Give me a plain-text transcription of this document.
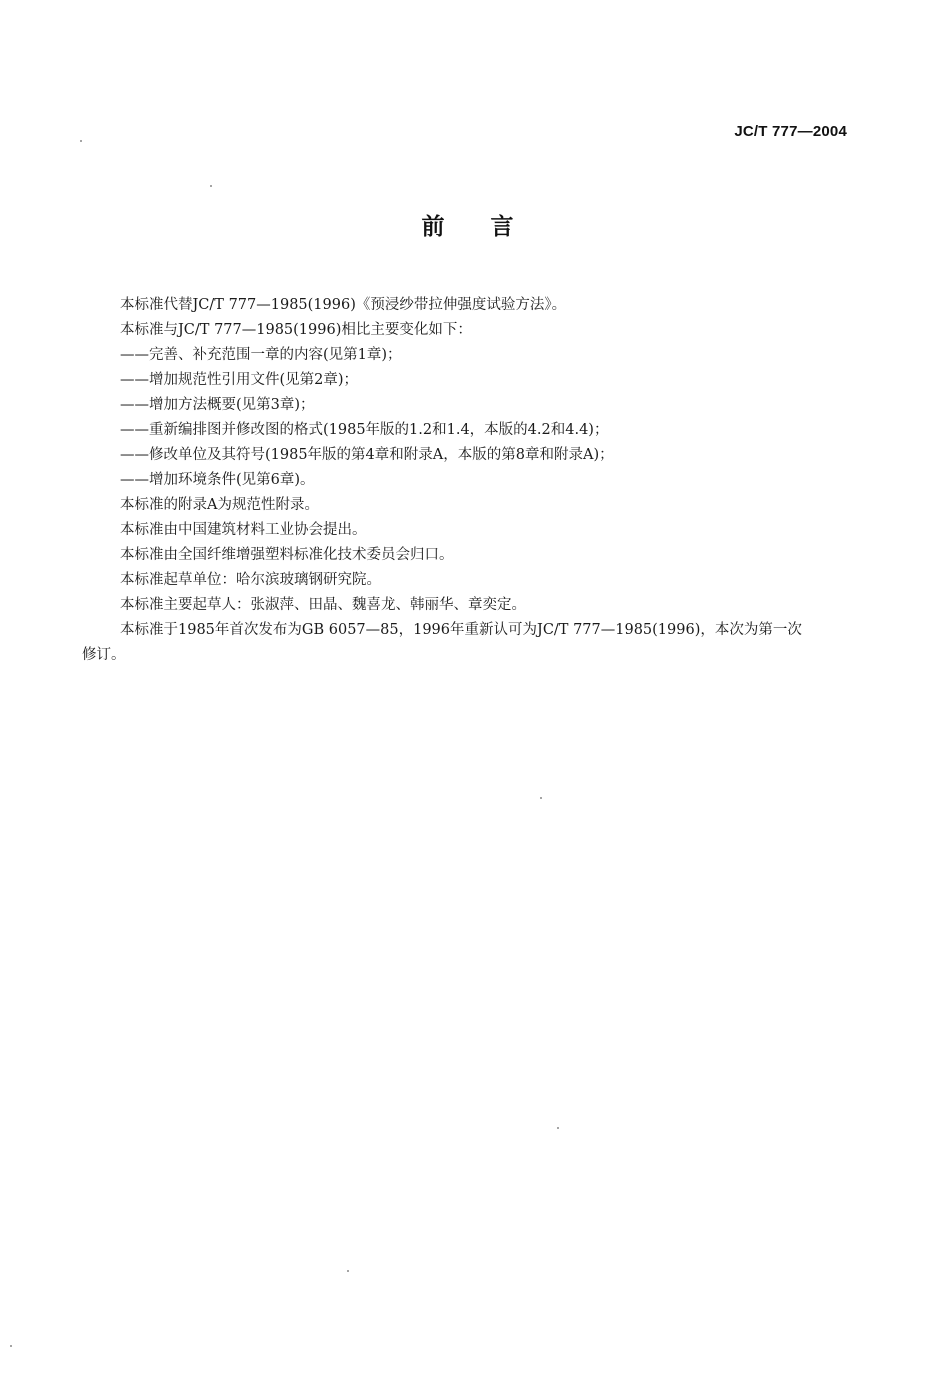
JC/T 777—2004
前言
本标准代替JC/T 777—1985(1996)《预浸纱带拉伸强度试验方法》。
本标准与JC/T 777—1985(1996)相比主要变化如下：
——完善、补充范围一章的内容(见第1章)；
——增加规范性引用文件(见第2章)；
——增加方法概要(见第3章)；
——重新编排图并修改图的格式(1985年版的1.2和1.4，本版的4.2和4.4)；
——修改单位及其符号(1985年版的第4章和附录A，本版的第8章和附录A)；
——增加环境条件(见第6章)。
本标准的附录A为规范性附录。
本标准由中国建筑材料工业协会提出。
本标准由全国纤维增强塑料标准化技术委员会归口。
本标准起草单位：哈尔滨玻璃钢研究院。
本标准主要起草人：张淑萍、田晶、魏喜龙、韩丽华、章奕定。
本标准于1985年首次发布为GB 6057—85，1996年重新认可为JC/T 777—1985(1996)，本次为第一次
修订。
